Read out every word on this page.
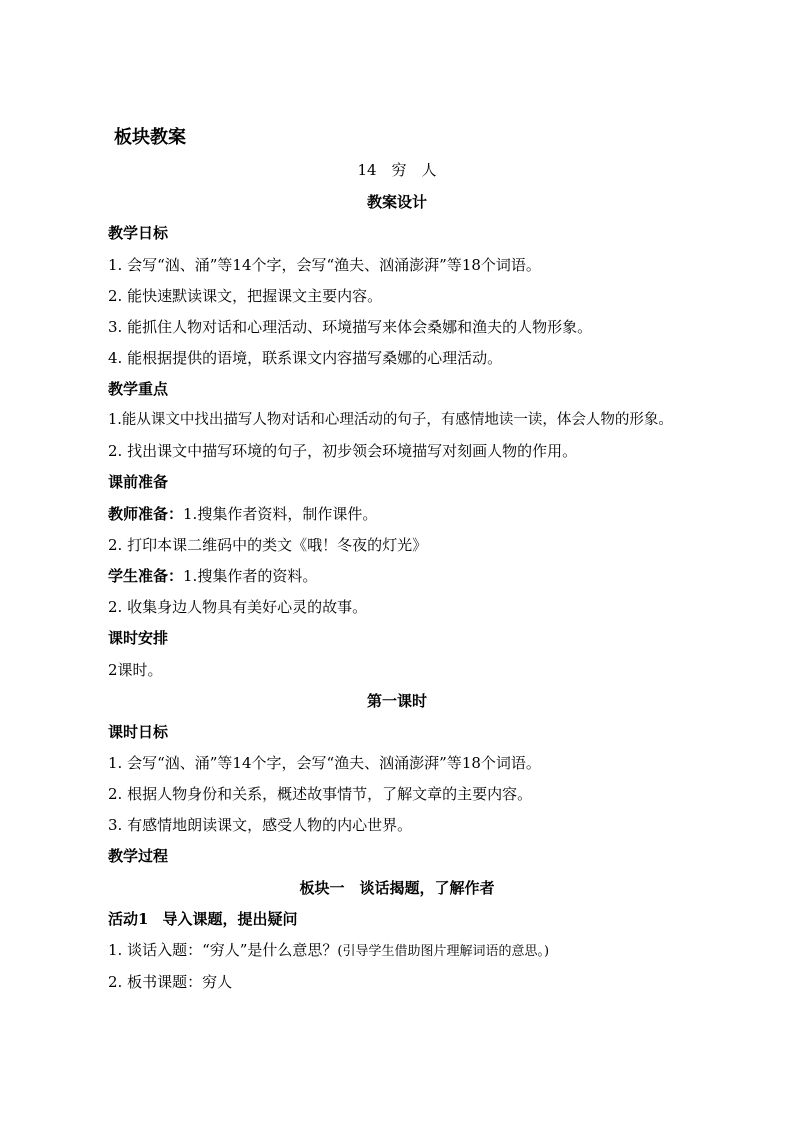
板块教案
14　穷　人
教案设计
教学日标
1. 会写“汹、涌”等14个字，会写“渔夫、汹涌澎湃”等18个词语。
2. 能快速默读课文，把握课文主要内容。
3. 能抓住人物对话和心理活动、环境描写来体会桑娜和渔夫的人物形象。
4. 能根据提供的语境，联系课文内容描写桑娜的心理活动。
教学重点
1.能从课文中找出描写人物对话和心理活动的句子，有感情地读一读，体会人物的形象。
2. 找出课文中描写环境的句子，初步领会环境描写对刻画人物的作用。
课前准备
教师准备：1.搜集作者资料，制作课件。
2. 打印本课二维码中的类文《哦！冬夜的灯光》
学生准备：1.搜集作者的资料。
2. 收集身边人物具有美好心灵的故事。
课时安排
2课时。
第一课时
课时日标
1. 会写“汹、涌”等14个字，会写“渔夫、汹涌澎湃”等18个词语。
2. 根据人物身份和关系，概述故事情节，了解文章的主要内容。
3. 有感情地朗读课文，感受人物的内心世界。
教学过程
板块一　谈话揭题，了解作者
活动1 导入课题，提出疑问
1. 谈话入题：“穷人”是什么意思？(引导学生借助图片理解词语的意思。)
2. 板书课题：穷人
